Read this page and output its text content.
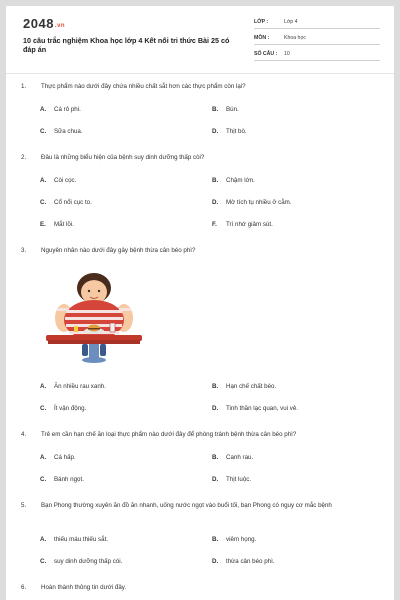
2048.vn
10 câu trắc nghiệm Khoa học lớp 4 Kết nối tri thức Bài 25 có đáp án
LỚP :	Lớp 4
MÔN :	Khoa học
SỐ CÂU : 10
1. Thực phẩm nào dưới đây chứa nhiều chất sắt hơn các thực phẩm còn lại?
A. Cá rô phi.	B. Bún.
C. Sữa chua.	D. Thịt bò.
2. Đâu là những biểu hiện của bệnh suy dinh dưỡng thấp còi?
A. Còi cọc.	B. Chậm lớn.
C. Cổ nổi cục to.	D. Mờ tích tụ nhiều ở cằm.
E. Mắt lồi.	F. Trí nhớ giảm sút.
3. Nguyên nhân nào dưới đây gây bệnh thừa cân béo phì?
A. Ăn nhiều rau xanh.	B. Hạn chế chất béo.
C. Ít vận động.	D. Tinh thần lạc quan, vui vẻ.
4. Trẻ em cần hạn chế ăn loại thực phẩm nào dưới đây để phòng tránh bệnh thừa cân béo phì?
A. Cá hấp.	B. Canh rau.
C. Bánh ngọt.	D. Thịt luộc.
5. Bạn Phong thường xuyên ăn đồ ăn nhanh, uống nước ngọt vào buổi tối, bạn Phong có nguy cơ mắc bệnh
A. thiếu máu thiếu sắt.	B. viêm họng.
C. suy dinh dưỡng thấp còi.	D. thừa cân béo phì.
6. Hoàn thành thông tin dưới đây.
